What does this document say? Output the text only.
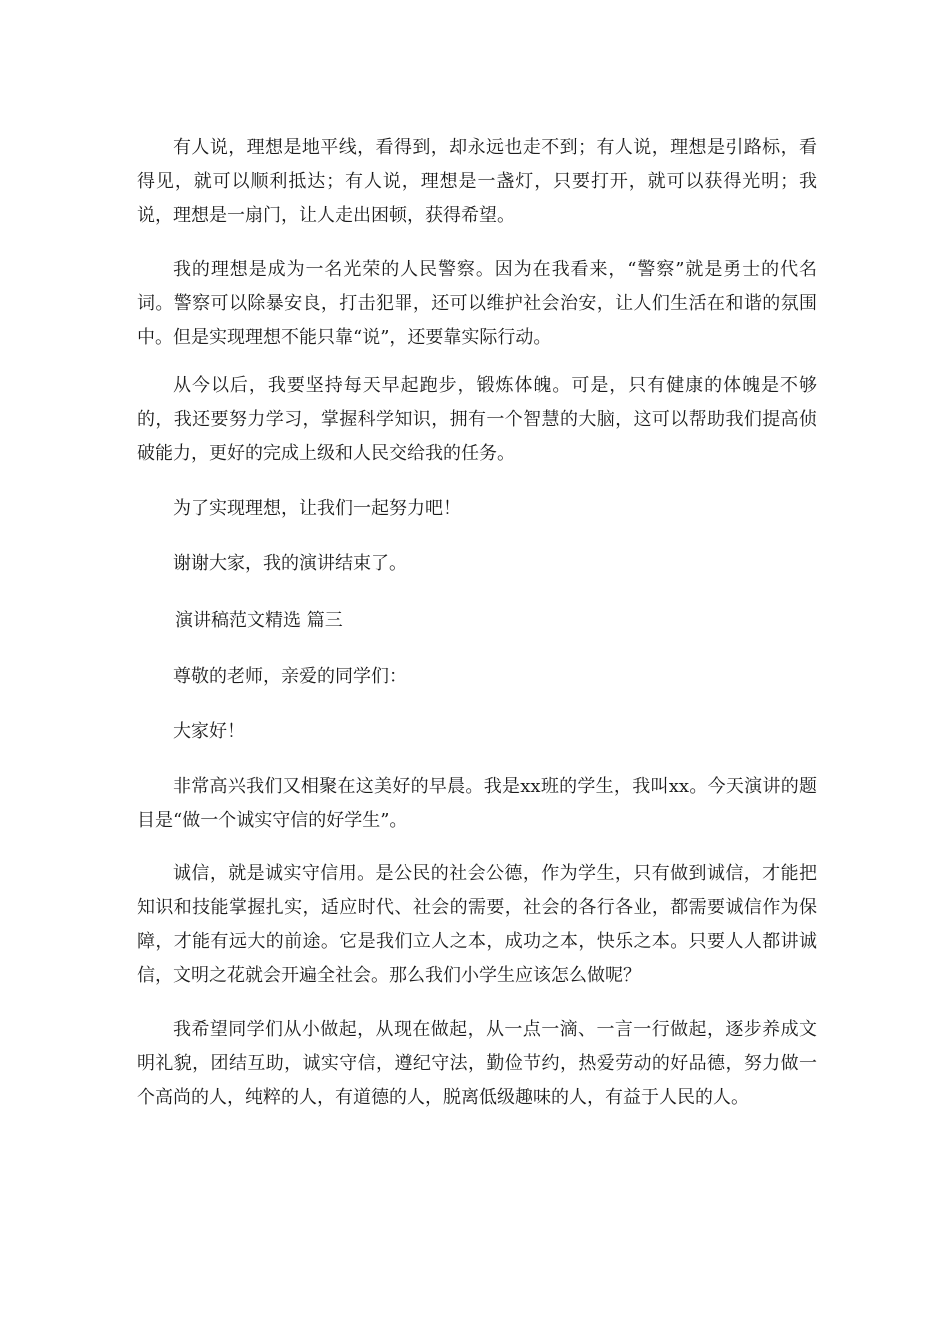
有人说，理想是地平线，看得到，却永远也走不到；有人说，理想是引路标，看得见，就可以顺利抵达；有人说，理想是一盏灯，只要打开，就可以获得光明；我说，理想是一扇门，让人走出困顿，获得希望。

我的理想是成为一名光荣的人民警察。因为在我看来，“警察”就是勇士的代名词。警察可以除暴安良，打击犯罪，还可以维护社会治安，让人们生活在和谐的氛围中。但是实现理想不能只靠“说”，还要靠实际行动。

从今以后，我要坚持每天早起跑步，锻炼体魄。可是，只有健康的体魄是不够的，我还要努力学习，掌握科学知识，拥有一个智慧的大脑，这可以帮助我们提高侦破能力，更好的完成上级和人民交给我的任务。

为了实现理想，让我们一起努力吧！

谢谢大家，我的演讲结束了。

演讲稿范文精选 篇三

尊敬的老师，亲爱的同学们：

大家好！

非常高兴我们又相聚在这美好的早晨。我是xx班的学生，我叫xx。今天演讲的题目是“做一个诚实守信的好学生”。

诚信，就是诚实守信用。是公民的社会公德，作为学生，只有做到诚信，才能把知识和技能掌握扎实，适应时代、社会的需要，社会的各行各业，都需要诚信作为保障，才能有远大的前途。它是我们立人之本，成功之本，快乐之本。只要人人都讲诚信，文明之花就会开遍全社会。那么我们小学生应该怎么做呢？

我希望同学们从小做起，从现在做起，从一点一滴、一言一行做起，逐步养成文明礼貌，团结互助，诚实守信，遵纪守法，勤俭节约，热爱劳动的好品德，努力做一个高尚的人，纯粹的人，有道德的人，脱离低级趣味的人，有益于人民的人。
